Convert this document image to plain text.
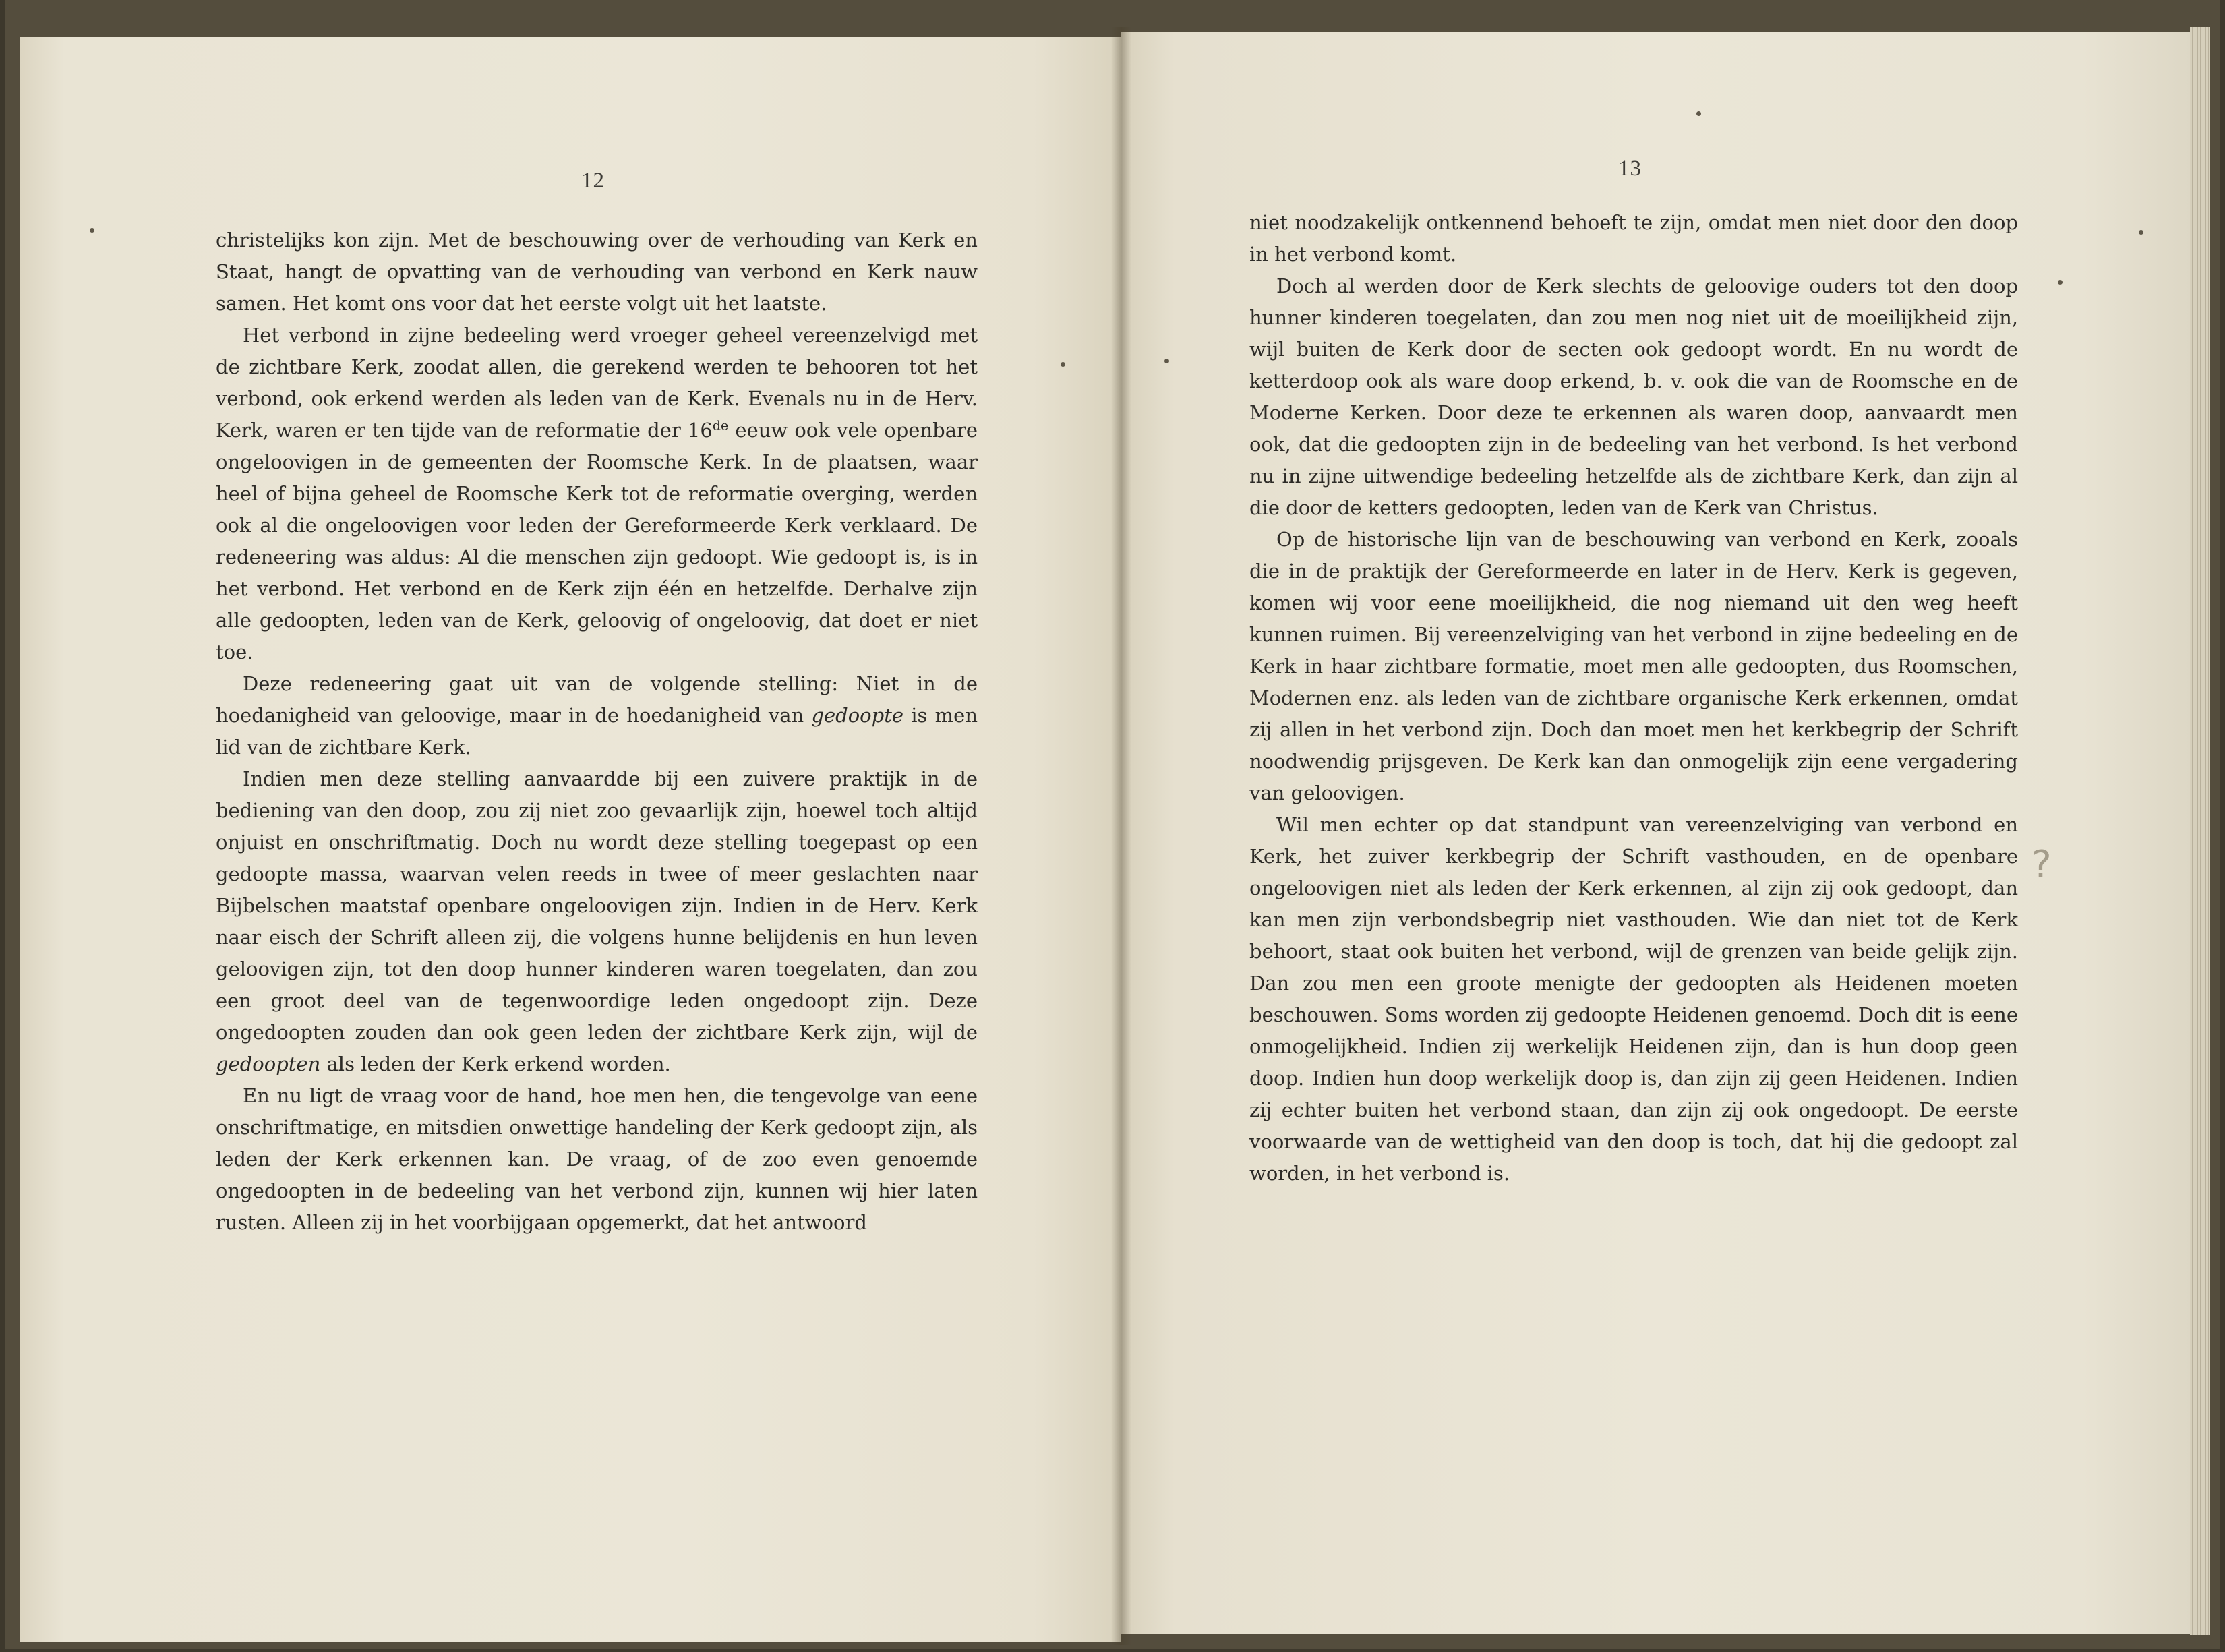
12	13

christelijks kon zijn. Met de beschouwing over de verhouding van Kerk en Staat, hangt de opvatting van de verhouding van verbond en Kerk nauw samen. Het komt ons voor dat het eerste volgt uit het laatste.

Het verbond in zijne bedeeling werd vroeger geheel vereenzelvigd met de zichtbare Kerk, zoodat allen, die gerekend werden te behooren tot het verbond, ook erkend werden als leden van de Kerk. Evenals nu in de Herv. Kerk, waren er ten tijde van de reformatie der 16de eeuw ook vele openbare ongeloovigen in de gemeenten der Roomsche Kerk. In de plaatsen, waar heel of bijna geheel de Roomsche Kerk tot de reformatie overging, werden ook al die ongeloovigen voor leden der Gereformeerde Kerk verklaard. De redeneering was aldus: Al die menschen zijn gedoopt. Wie gedoopt is, is in het verbond. Het verbond en de Kerk zijn één en hetzelfde. Derhalve zijn alle gedoopten, leden van de Kerk, geloovig of ongeloovig, dat doet er niet toe.

Deze redeneering gaat uit van de volgende stelling: Niet in de hoedanigheid van geloovige, maar in de hoedanigheid van gedoopte is men lid van de zichtbare Kerk.

Indien men deze stelling aanvaardde bij een zuivere praktijk in de bediening van den doop, zou zij niet zoo gevaarlijk zijn, hoewel toch altijd onjuist en onschriftmatig. Doch nu wordt deze stelling toegepast op een gedoopte massa, waarvan velen reeds in twee of meer geslachten naar Bijbelschen maatstaf openbare ongeloovigen zijn. Indien in de Herv. Kerk naar eisch der Schrift alleen zij, die volgens hunne belijdenis en hun leven geloovigen zijn, tot den doop hunner kinderen waren toegelaten, dan zou een groot deel van de tegenwoordige leden ongedoopt zijn. Deze ongedoopten zouden dan ook geen leden der zichtbare Kerk zijn, wijl de gedoopten als leden der Kerk erkend worden.

En nu ligt de vraag voor de hand, hoe men hen, die tengevolge van eene onschriftmatige, en mitsdien onwettige handeling der Kerk gedoopt zijn, als leden der Kerk erkennen kan. De vraag, of de zoo even genoemde ongedoopten in de bedeeling van het verbond zijn, kunnen wij hier laten rusten. Alleen zij in het voorbijgaan opgemerkt, dat het antwoord

niet noodzakelijk ontkennend behoeft te zijn, omdat men niet door den doop in het verbond komt.

Doch al werden door de Kerk slechts de geloovige ouders tot den doop hunner kinderen toegelaten, dan zou men nog niet uit de moeilijkheid zijn, wijl buiten de Kerk door de secten ook gedoopt wordt. En nu wordt de ketterdoop ook als ware doop erkend, b. v. ook die van de Roomsche en de Moderne Kerken. Door deze te erkennen als waren doop, aanvaardt men ook, dat die gedoopten zijn in de bedeeling van het verbond. Is het verbond nu in zijne uitwendige bedeeling hetzelfde als de zichtbare Kerk, dan zijn al die door de ketters gedoopten, leden van de Kerk van Christus.

Op de historische lijn van de beschouwing van verbond en Kerk, zooals die in de praktijk der Gereformeerde en later in de Herv. Kerk is gegeven, komen wij voor eene moeilijkheid, die nog niemand uit den weg heeft kunnen ruimen. Bij vereenzelviging van het verbond in zijne bedeeling en de Kerk in haar zichtbare formatie, moet men alle gedoopten, dus Roomschen, Modernen enz. als leden van de zichtbare organische Kerk erkennen, omdat zij allen in het verbond zijn. Doch dan moet men het kerkbegrip der Schrift noodwendig prijsgeven. De Kerk kan dan onmogelijk zijn eene vergadering van geloovigen.

Wil men echter op dat standpunt van vereenzelviging van verbond en Kerk, het zuiver kerkbegrip der Schrift vasthouden, en de openbare ongeloovigen niet als leden der Kerk erkennen, al zijn zij ook gedoopt, dan kan men zijn verbondsbegrip niet vasthouden. Wie dan niet tot de Kerk behoort, staat ook buiten het verbond, wijl de grenzen van beide gelijk zijn. Dan zou men een groote menigte der gedoopten als Heidenen moeten beschouwen. Soms worden zij gedoopte Heidenen genoemd. Doch dit is eene onmogelijkheid. Indien zij werkelijk Heidenen zijn, dan is hun doop geen doop. Indien hun doop werkelijk doop is, dan zijn zij geen Heidenen. Indien zij echter buiten het verbond staan, dan zijn zij ook ongedoopt. De eerste voorwaarde van de wettigheid van den doop is toch, dat hij die gedoopt zal worden, in het verbond is.

?
